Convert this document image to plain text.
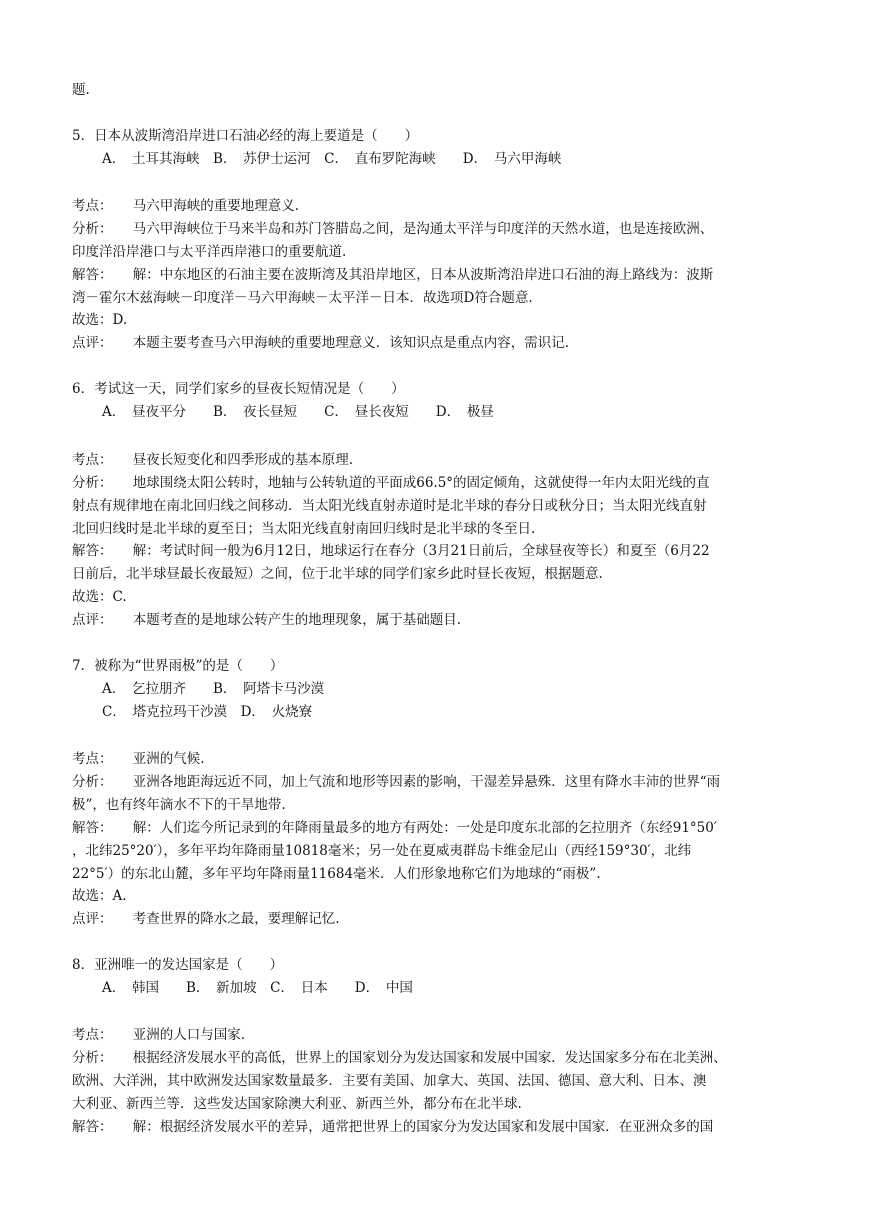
题.
5．日本从波斯湾沿岸进口石油必经的海上要道是（　　）
A．　土耳其海峡　B．　苏伊士运河　C．　直布罗陀海峡　　D．　马六甲海峡
考点：　　马六甲海峡的重要地理意义.
分析：　　马六甲海峡位于马来半岛和苏门答腊岛之间，是沟通太平洋与印度洋的天然水道，也是连接欧洲、
印度洋沿岸港口与太平洋西岸港口的重要航道.
解答：　　解：中东地区的石油主要在波斯湾及其沿岸地区，日本从波斯湾沿岸进口石油的海上路线为：波斯
湾－霍尔木兹海峡－印度洋－马六甲海峡－太平洋－日本．故选项D符合题意.
故选：D.
点评：　　本题主要考查马六甲海峡的重要地理意义．该知识点是重点内容，需识记.
6．考试这一天，同学们家乡的昼夜长短情况是（　　）
A．　昼夜平分　　B．　夜长昼短　　C．　昼长夜短　　D．　极昼
考点：　　昼夜长短变化和四季形成的基本原理.
分析：　　地球围绕太阳公转时，地轴与公转轨道的平面成66.5°的固定倾角，这就使得一年内太阳光线的直
射点有规律地在南北回归线之间移动．当太阳光线直射赤道时是北半球的春分日或秋分日；当太阳光线直射
北回归线时是北半球的夏至日；当太阳光线直射南回归线时是北半球的冬至日.
解答：　　解：考试时间一般为6月12日，地球运行在春分（3月21日前后，全球昼夜等长）和夏至（6月22
日前后，北半球昼最长夜最短）之间，位于北半球的同学们家乡此时昼长夜短，根据题意.
故选：C.
点评：　　本题考查的是地球公转产生的地理现象，属于基础题目.
7．被称为“世界雨极”的是（　　）
A．　乞拉朋齐　　B．　阿塔卡马沙漠
C．　塔克拉玛干沙漠　D．　火烧寮
考点：　　亚洲的气候.
分析：　　亚洲各地距海远近不同，加上气流和地形等因素的影响，干湿差异悬殊．这里有降水丰沛的世界“雨
极”，也有终年滴水不下的干旱地带.
解答：　　解：人们迄今所记录到的年降雨量最多的地方有两处：一处是印度东北部的乞拉朋齐（东经91°50′
，北纬25°20′），多年平均年降雨量10818毫米；另一处在夏威夷群岛卡维金尼山（西经159°30′，北纬
22°5′）的东北山麓，多年平均年降雨量11684毫米．人们形象地称它们为地球的“雨极”.
故选：A.
点评：　　考查世界的降水之最，要理解记忆.
8．亚洲唯一的发达国家是（　　）
A．　韩国　　B．　新加坡　C．　日本　　D．　中国
考点：　　亚洲的人口与国家.
分析：　　根据经济发展水平的高低，世界上的国家划分为发达国家和发展中国家．发达国家多分布在北美洲、
欧洲、大洋洲，其中欧洲发达国家数量最多．主要有美国、加拿大、英国、法国、德国、意大利、日本、澳
大利亚、新西兰等．这些发达国家除澳大利亚、新西兰外，都分布在北半球.
解答：　　解：根据经济发展水平的差异，通常把世界上的国家分为发达国家和发展中国家．在亚洲众多的国
